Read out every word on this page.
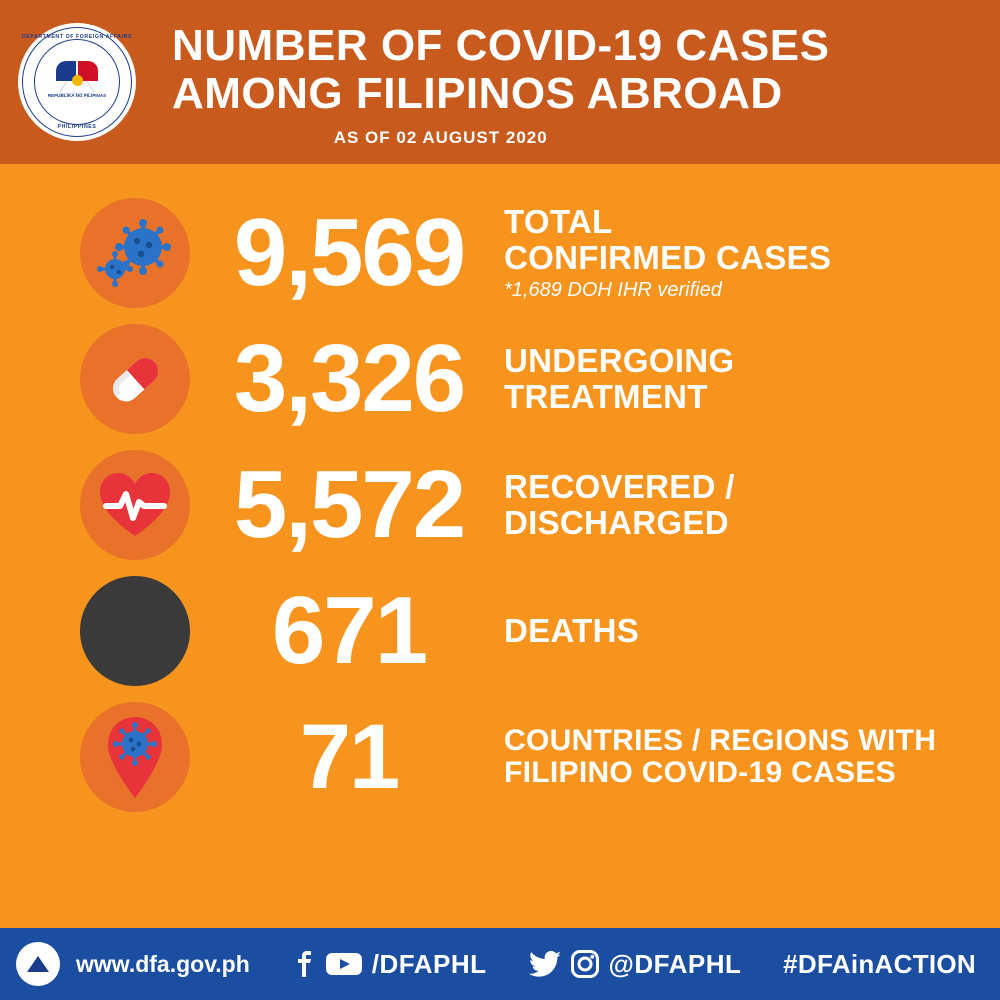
DEPARTMENT OF FOREIGN AFFAIRS
REPUBLIKA NG PILIPINAS
PHILIPPINES
NUMBER OF COVID-19 CASES
AMONG FILIPINOS ABROAD
AS OF 02 AUGUST 2020
9,569	TOTAL
CONFIRMED CASES
*1,689 DOH IHR verified
3,326	UNDERGOING
TREATMENT
5,572	RECOVERED /
DISCHARGED
671	DEATHS
71	COUNTRIES / REGIONS WITH
FILIPINO COVID-19 CASES
www.dfa.gov.ph	/DFAPHL	@DFAPHL #DFAinACTION
